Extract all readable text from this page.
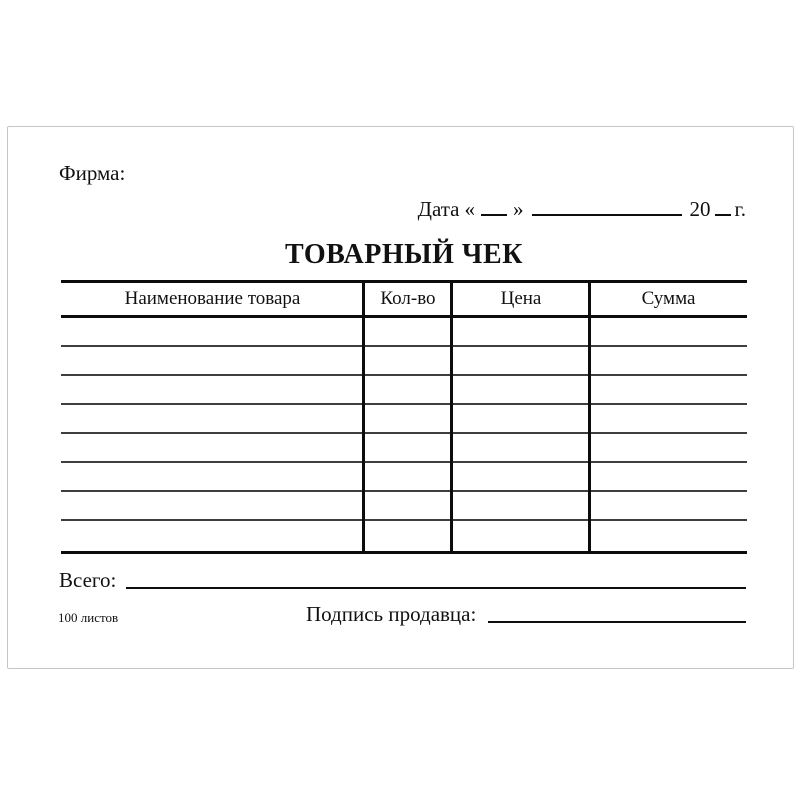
Фирма:
Дата « »	20 г.
ТОВАРНЫЙ ЧЕК
Наименование товара	Кол-во	Цена	Сумма
Всего:
Подпись продавца:
100 листов
